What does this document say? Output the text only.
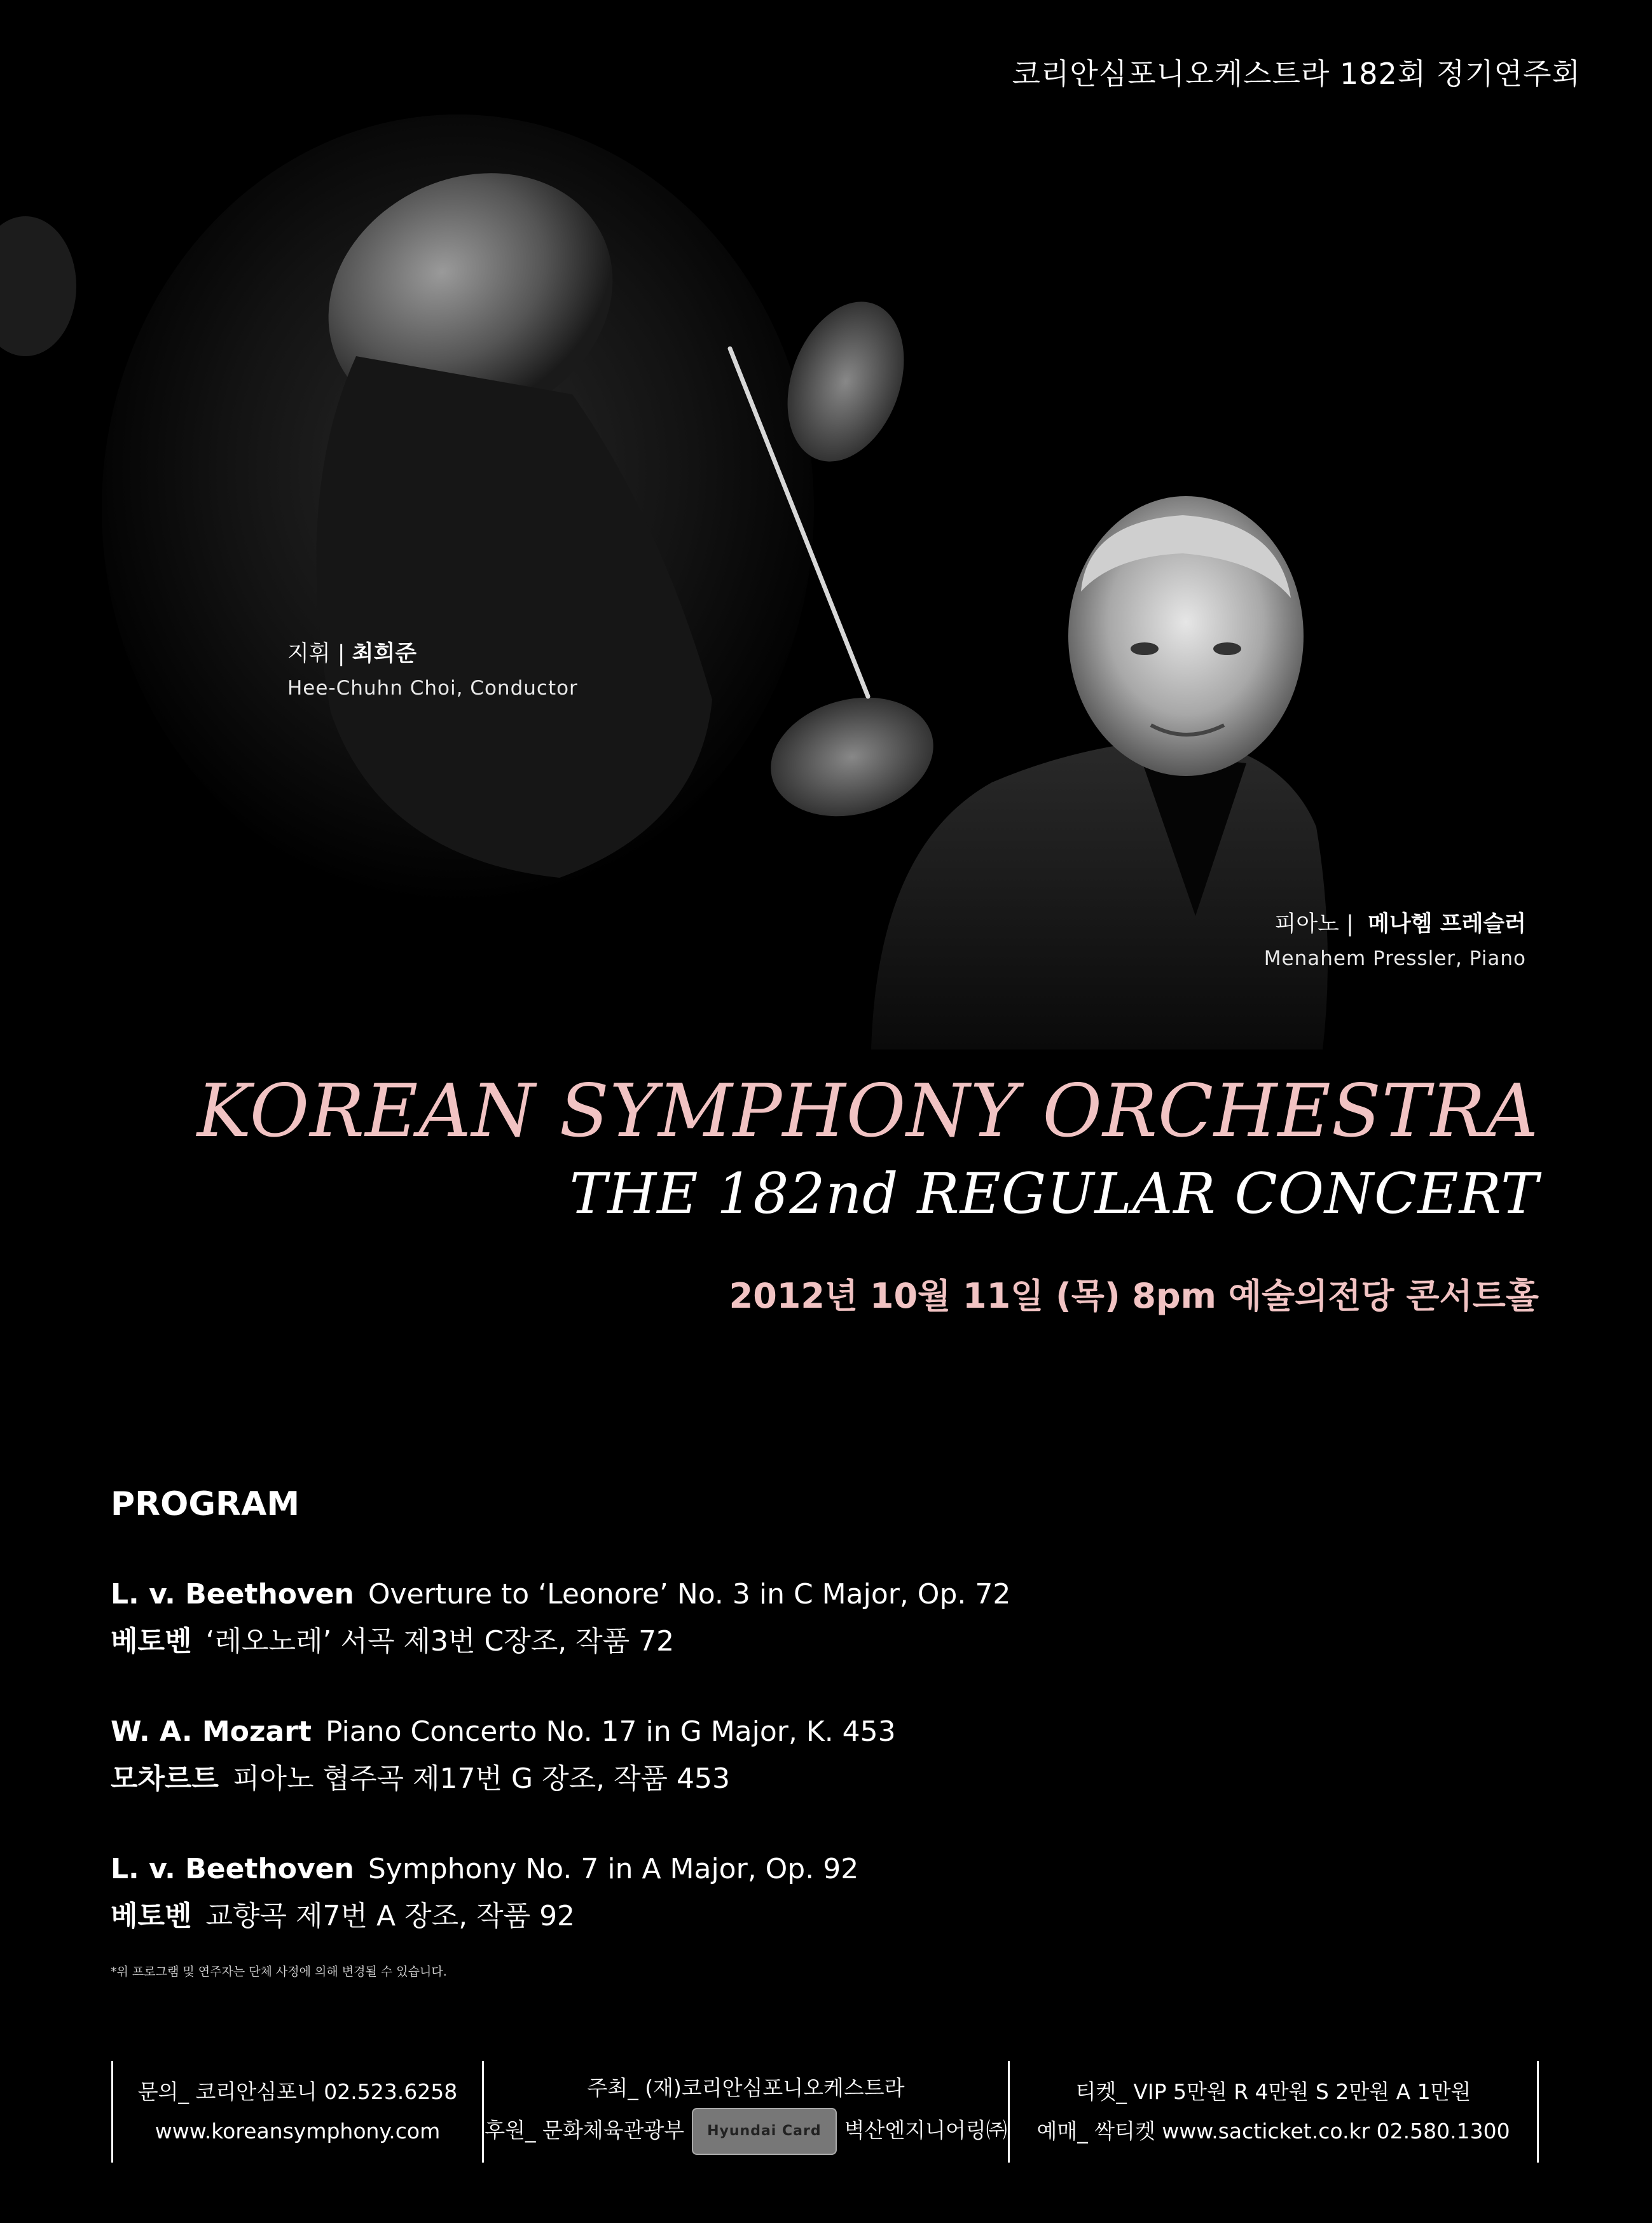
코리안심포니오케스트라 182회 정기연주회
지휘 | 최희준
Hee-Chuhn Choi, Conductor
피아노 |  메나헴 프레슬러
Menahem Pressler, Piano
KOREAN SYMPHONY ORCHESTRA
THE 182nd REGULAR CONCERT
2012년 10월 11일 (목) 8pm 예술의전당 콘서트홀
PROGRAM
L. v. Beethoven Overture to ‘Leonore’ No. 3 in C Major, Op. 72
베토벤 ‘레오노레’ 서곡 제3번 C장조, 작품 72
W. A. Mozart Piano Concerto No. 17 in G Major, K. 453
모차르트 피아노 협주곡 제17번 G 장조, 작품 453
L. v. Beethoven Symphony No. 7 in A Major, Op. 92
베토벤 교향곡 제7번 A 장조, 작품 92
*위 프로그램 및 연주자는 단체 사정에 의해 변경될 수 있습니다.
문의_ 코리안심포니 02.523.6258
www.koreansymphony.com
주최_ (재)코리안심포니오케스트라
후원_ 문화체육관광부 Hyundai Card 벽산엔지니어링㈜
티켓_ VIP 5만원 R 4만원 S 2만원 A 1만원
예매_ 싹티켓 www.sacticket.co.kr 02.580.1300
